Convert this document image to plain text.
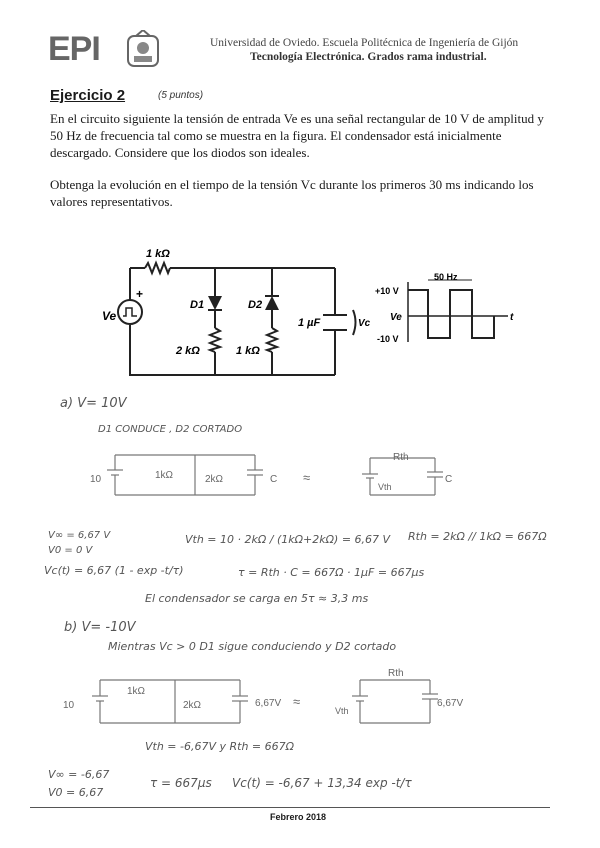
EPI	Universidad de Oviedo. Escuela Politécnica de Ingeniería de Gijón
Tecnología Electrónica. Grados rama industrial.
Ejercicio 2	(5 puntos)
En el circuito siguiente la tensión de entrada Ve es una señal rectangular de 10 V de amplitud y 50 Hz de frecuencia tal como se muestra en la figura. El condensador está inicialmente descargado. Considere que los diodos son ideales.
Obtenga la evolución en el tiempo de la tensión Vc durante los primeros 30 ms indicando los valores representativos.
1 kΩ
+
Ve
D1	D2
2 kΩ	1 kΩ
1 µF	Vc
50 Hz
+10 V
-10 V
Ve	t
a) V= 10V
D1 CONDUCE , D2 CORTADO
10	1kΩ	2kΩ	C ≈
Rth
Vth
C
V∞ = 6,67 V
V0 = 0 V
Vth = 10 · 2kΩ / (1kΩ+2kΩ) = 6,67 V Rth = 2kΩ // 1kΩ = 667Ω
Vc(t) = 6,67 (1 - exp -t/τ)	τ = Rth · C = 667Ω · 1µF = 667µs
El condensador se carga en 5τ ≈ 3,3 ms
b) V= -10V
Mientras Vc > 0 D1 sigue conduciendo y D2 cortado
10
1kΩ
2kΩ	6,67V ≈
Rth
Vth
6,67V
Vth = -6,67V y Rth = 667Ω
V∞ = -6,67
V0 = 6,67
τ = 667µs Vc(t) = -6,67 + 13,34 exp -t/τ
Febrero 2018
